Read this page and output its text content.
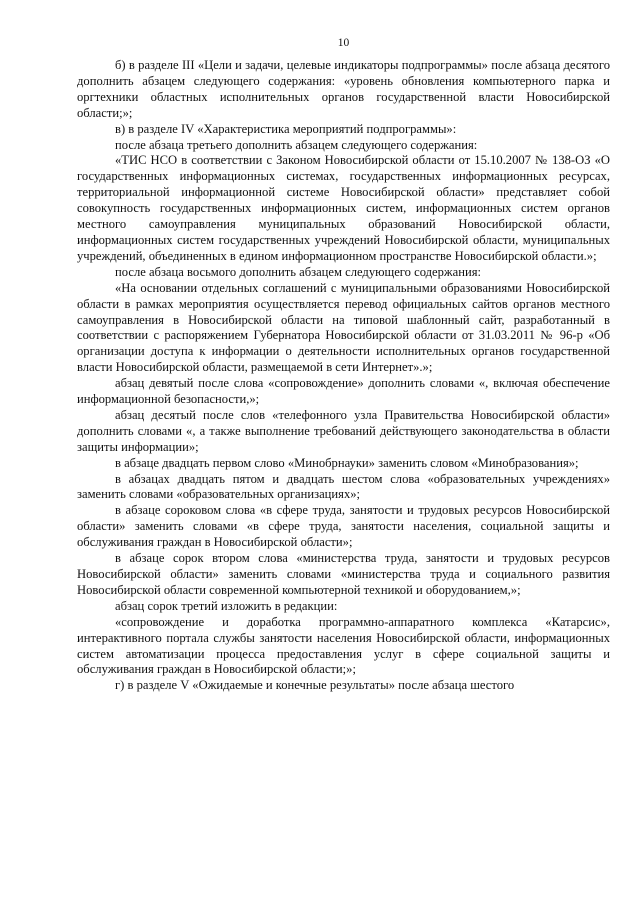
10

б) в разделе III «Цели и задачи, целевые индикаторы подпрограммы» после абзаца десятого дополнить абзацем следующего содержания: «уровень обновления компьютерного парка и оргтехники областных исполнительных органов государственной власти Новосибирской области;»;

в) в разделе IV «Характеристика мероприятий подпрограммы»:

после абзаца третьего дополнить абзацем следующего содержания:

«ТИС НСО в соответствии с Законом Новосибирской области от 15.10.2007 № 138-ОЗ «О государственных информационных системах, государственных информационных ресурсах, территориальной информационной системе Новосибирской области» представляет собой совокупность государственных информационных систем, информационных систем органов местного самоуправления муниципальных образований Новосибирской области, информационных систем государственных учреждений Новосибирской области, муниципальных учреждений, объединенных в едином информационном пространстве Новосибирской области.»;

после абзаца восьмого дополнить абзацем следующего содержания:

«На основании отдельных соглашений с муниципальными образованиями Новосибирской области в рамках мероприятия осуществляется перевод официальных сайтов органов местного самоуправления в Новосибирской области на типовой шаблонный сайт, разработанный в соответствии с распоряжением Губернатора Новосибирской области от 31.03.2011 № 96-р «Об организации доступа к информации о деятельности исполнительных органов государственной власти Новосибирской области, размещаемой в сети Интернет».»;

абзац девятый после слова «сопровождение» дополнить словами «, включая обеспечение информационной безопасности,»;

абзац десятый после слов «телефонного узла Правительства Новосибирской области» дополнить словами «, а также выполнение требований действующего законодательства в области защиты информации»;

в абзаце двадцать первом слово «Минобрнауки» заменить словом «Минобразования»;

в абзацах двадцать пятом и двадцать шестом слова «образовательных учреждениях» заменить словами «образовательных организациях»;

в абзаце сороковом слова «в сфере труда, занятости и трудовых ресурсов Новосибирской области» заменить словами «в сфере труда, занятости населения, социальной защиты и обслуживания граждан в Новосибирской области»;

в абзаце сорок втором слова «министерства труда, занятости и трудовых ресурсов Новосибирской области» заменить словами «министерства труда и социального развития Новосибирской области современной компьютерной техникой и оборудованием,»;

абзац сорок третий изложить в редакции:

«сопровождение и доработка программно-аппаратного комплекса «Катарсис», интерактивного портала службы занятости населения Новосибирской области, информационных систем автоматизации процесса предоставления услуг в сфере социальной защиты и обслуживания граждан в Новосибирской области;»;

г) в разделе V «Ожидаемые и конечные результаты» после абзаца шестого
